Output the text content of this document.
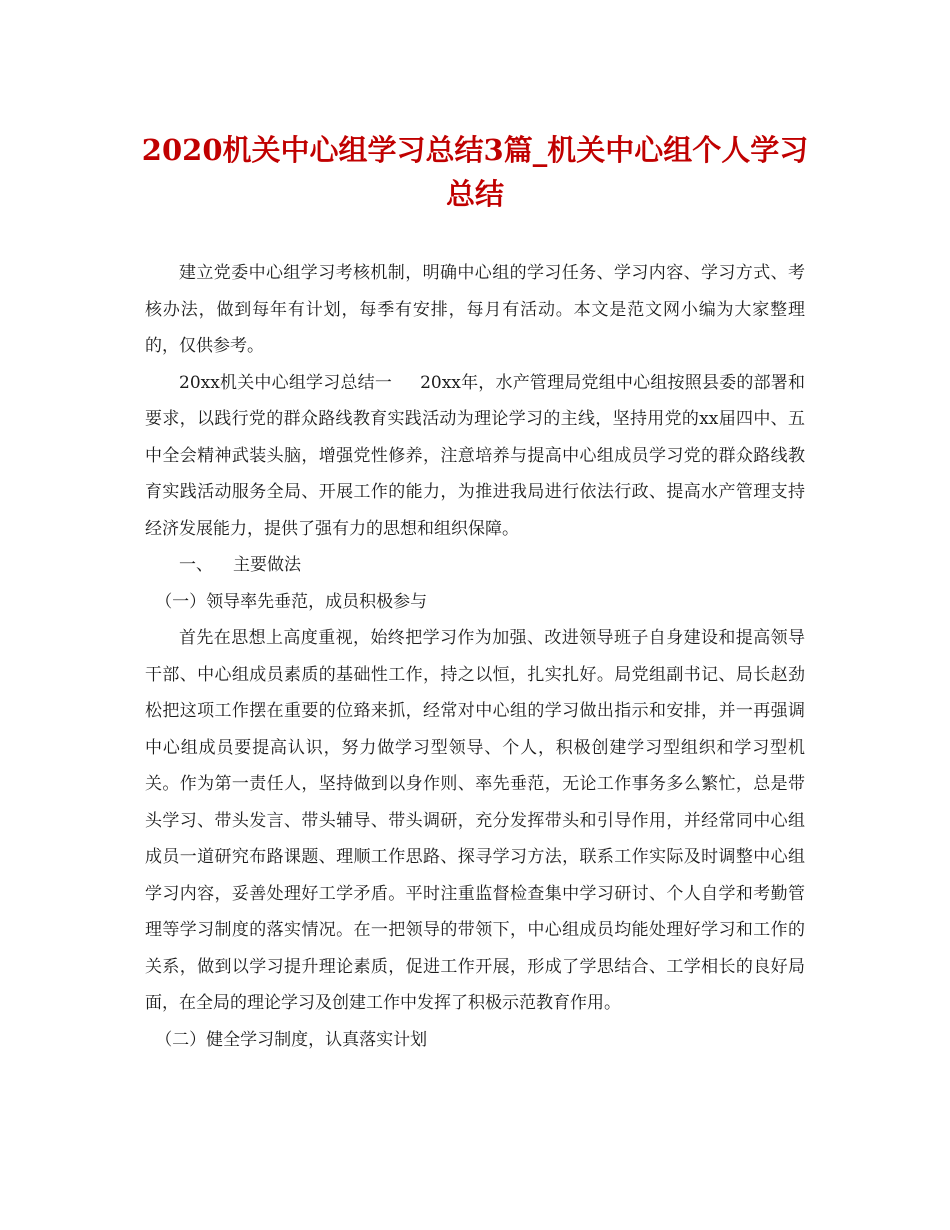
2020机关中心组学习总结3篇_机关中心组个人学习总结

建立党委中心组学习考核机制，明确中心组的学习任务、学习内容、学习方式、考核办法，做到每年有计划，每季有安排，每月有活动。本文是范文网小编为大家整理的，仅供参考。

20xx机关中心组学习总结一 20xx年，水产管理局党组中心组按照县委的部署和要求，以践行党的群众路线教育实践活动为理论学习的主线，坚持用党的xx届四中、五中全会精神武装头脑，增强党性修养，注意培养与提高中心组成员学习党的群众路线教育实践活动服务全局、开展工作的能力，为推进我局进行依法行政、提高水产管理支持经济发展能力，提供了强有力的思想和组织保障。

一、 主要做法

（一）领导率先垂范，成员积极参与

首先在思想上高度重视，始终把学习作为加强、改进领导班子自身建设和提高领导干部、中心组成员素质的基础性工作，持之以恒，扎实扎好。局党组副书记、局长赵劲松把这项工作摆在重要的位臵来抓，经常对中心组的学习做出指示和安排，并一再强调中心组成员要提高认识，努力做学习型领导、个人，积极创建学习型组织和学习型机关。作为第一责任人，坚持做到以身作则、率先垂范，无论工作事务多么繁忙，总是带头学习、带头发言、带头辅导、带头调研，充分发挥带头和引导作用，并经常同中心组成员一道研究布路课题、理顺工作思路、探寻学习方法，联系工作实际及时调整中心组学习内容，妥善处理好工学矛盾。平时注重监督检查集中学习研讨、个人自学和考勤管理等学习制度的落实情况。在一把领导的带领下，中心组成员均能处理好学习和工作的关系，做到以学习提升理论素质，促进工作开展，形成了学思结合、工学相长的良好局面，在全局的理论学习及创建工作中发挥了积极示范教育作用。

（二）健全学习制度，认真落实计划
